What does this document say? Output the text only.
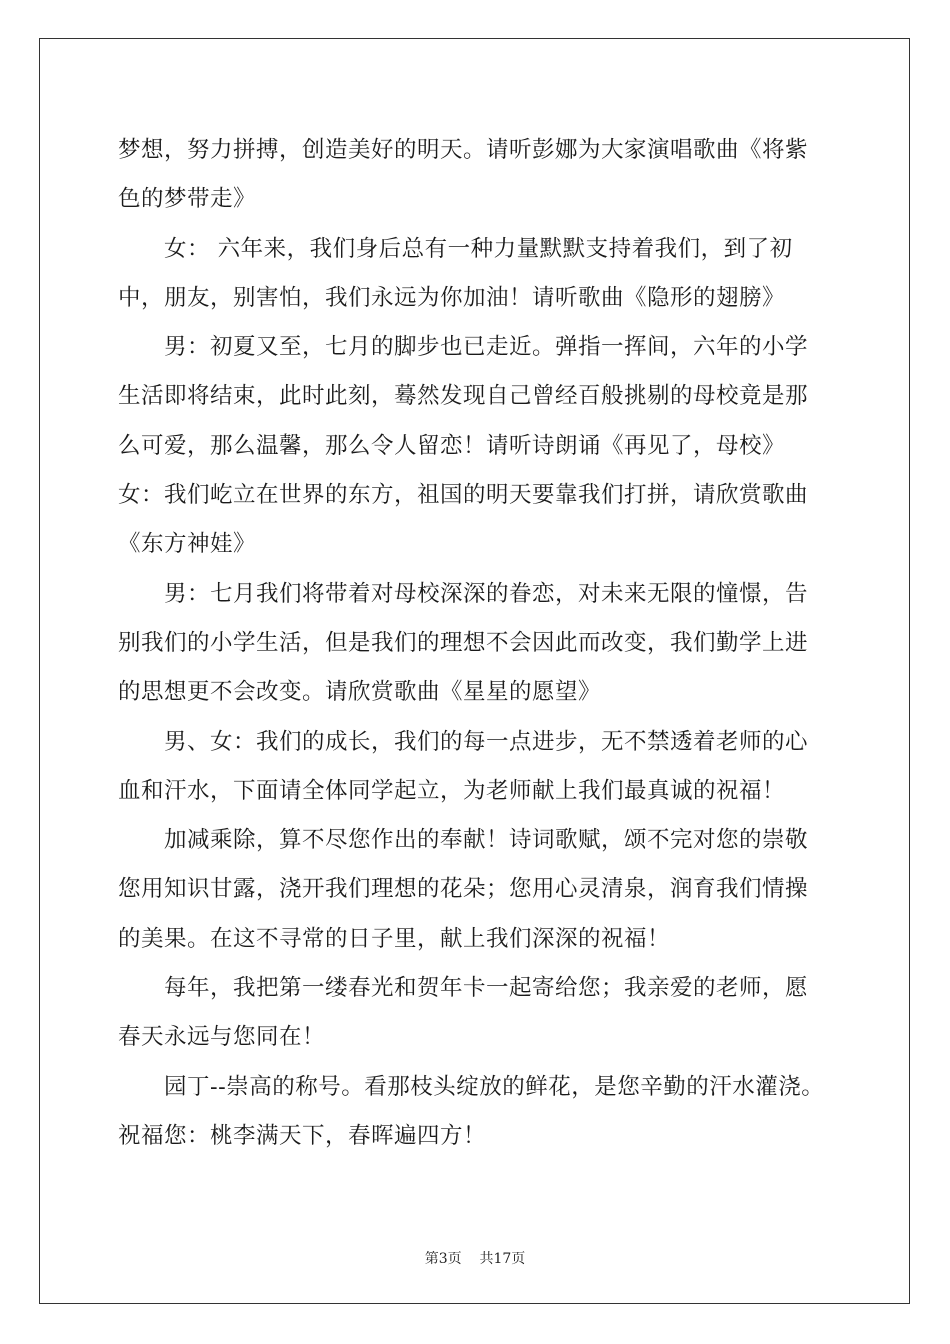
梦想，努力拼搏，创造美好的明天。请听彭娜为大家演唱歌曲《将紫
色的梦带走》
女： 六年来，我们身后总有一种力量默默支持着我们，到了初
中，朋友，别害怕，我们永远为你加油！请听歌曲《隐形的翅膀》
男：初夏又至，七月的脚步也已走近。弹指一挥间，六年的小学
生活即将结束，此时此刻，蓦然发现自己曾经百般挑剔的母校竟是那
么可爱，那么温馨，那么令人留恋！请听诗朗诵《再见了，母校》
女：我们屹立在世界的东方，祖国的明天要靠我们打拼，请欣赏歌曲
《东方神娃》
男：七月我们将带着对母校深深的眷恋，对未来无限的憧憬，告
别我们的小学生活，但是我们的理想不会因此而改变，我们勤学上进
的思想更不会改变。请欣赏歌曲《星星的愿望》
男、女：我们的成长，我们的每一点进步，无不禁透着老师的心
血和汗水，下面请全体同学起立，为老师献上我们最真诚的祝福！
加减乘除，算不尽您作出的奉献！诗词歌赋，颂不完对您的崇敬
您用知识甘露，浇开我们理想的花朵；您用心灵清泉，润育我们情操
的美果。在这不寻常的日子里，献上我们深深的祝福！
每年，我把第一缕春光和贺年卡一起寄给您；我亲爱的老师，愿
春天永远与您同在！
园丁--崇高的称号。看那枝头绽放的鲜花，是您辛勤的汗水灌浇。
祝福您：桃李满天下，春晖遍四方！
第3页 共17页
